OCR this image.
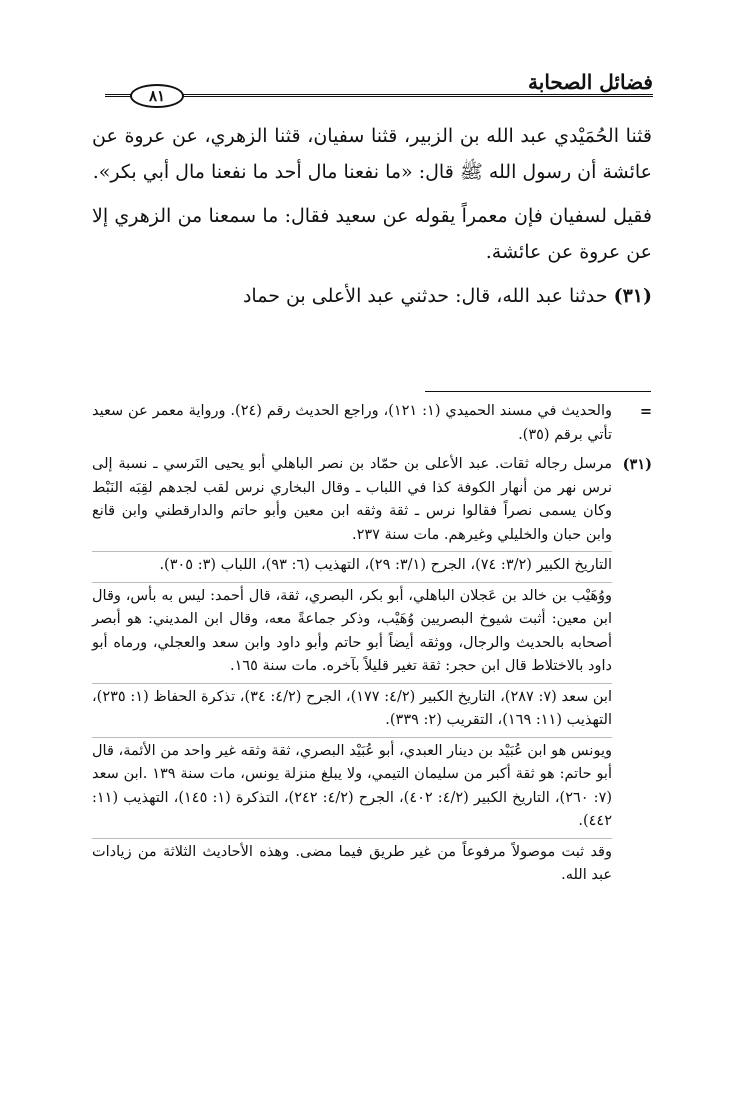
فضائل الصحابة
٨١

قثنا الحُمَيْدي عبد الله بن الزبير، قثنا سفيان، قثنا الزهري، عن عروة عن عائشة أن رسول الله ﷺ قال: «ما نفعنا مال أحد ما نفعنا مال أبي بكر».

فقيل لسفيان فإن معمراً يقوله عن سعيد فقال: ما سمعنا من الزهري إلا عن عروة عن عائشة.

(٣١) حدثنا عبد الله، قال: حدثني عبد الأعلى بن حماد

=

والحديث في مسند الحميدي (١: ١٢١)، وراجع الحديث رقم (٢٤). ورواية معمر عن سعيد تأتي برقم (٣٥).

(٣١)

مرسل رجاله ثقات. عبد الأعلى بن حمّاد بن نصر الباهلي أبو يحيى النَرسي ـ نسبة إلى نرس نهر من أنهار الكوفة كذا في اللباب ـ وقال البخاري نرس لقب لجدهم لقِبَه النَبْط وكان يسمى نصراً فقالوا نرس ـ ثقة وثقه ابن معين وأبو حاتم والدارقطني وابن قانع وابن حبان والخليلي وغيرهم. مات سنة ٢٣٧.

التاريخ الكبير (٣/٢: ٧٤)، الجرح (٣/١: ٢٩)، التهذيب (٦: ٩٣)، اللباب (٣: ٣٠٥).

ووُهَيْب بن خالد بن عَجلان الباهلي، أبو بكر، البصري، ثقة، قال أحمد: ليس به بأس، وقال ابن معين: أثبت شيوخ البصريين وُهَيْب، وذكر جماعةً معه، وقال ابن المديني: هو أبصر أصحابه بالحديث والرجال، ووثقه أيضاً أبو حاتم وأبو داود وابن سعد والعجلي، ورماه أبو داود بالاختلاط قال ابن حجر: ثقة تغير قليلاً بآخره. مات سنة ١٦٥.

ابن سعد (٧: ٢٨٧)، التاريخ الكبير (٤/٢: ١٧٧)، الجرح (٤/٢: ٣٤)، تذكرة الحفاظ (١: ٢٣٥)، التهذيب (١١: ١٦٩)، التقريب (٢: ٣٣٩).

ويونس هو ابن عُبَيْد بن دينار العبدي، أبو عُبَيْد البصري، ثقة وثقه غير واحد من الأئمة، قال أبو حاتم: هو ثقة أكبر من سليمان التيمي، ولا يبلغ منزلة يونس، مات سنة ١٣٩ .ابن سعد (٧: ٢٦٠)، التاريخ الكبير (٤/٢: ٤٠٢)، الجرح (٤/٢: ٢٤٢)، التذكرة (١: ١٤٥)، التهذيب (١١: ٤٤٢).

وقد ثبت موصولاً مرفوعاً من غير طريق فيما مضى. وهذه الأحاديث الثلاثة من زيادات عبد الله.
